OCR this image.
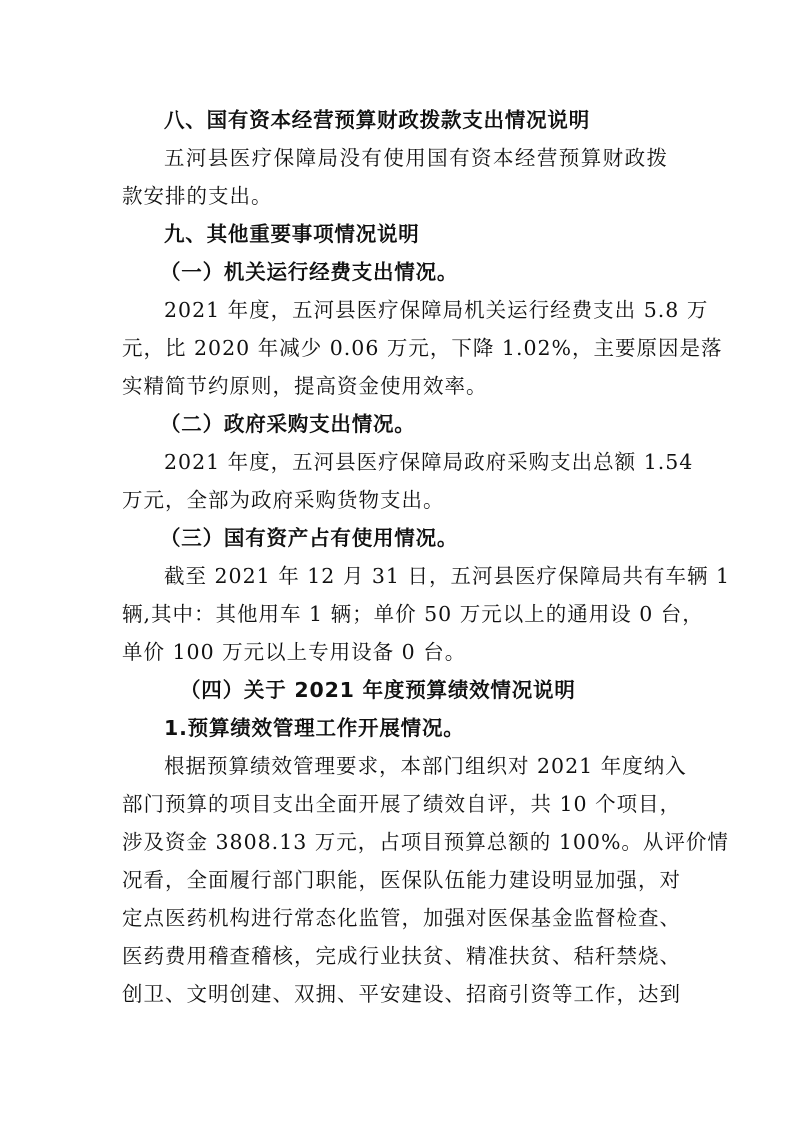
八、国有资本经营预算财政拨款支出情况说明
五河县医疗保障局没有使用国有资本经营预算财政拨
款安排的支出。
九、其他重要事项情况说明
（一）机关运行经费支出情况。
2021 年度，五河县医疗保障局机关运行经费支出 5.8 万
元，比 2020 年减少 0.06 万元，下降 1.02%，主要原因是落
实精简节约原则，提高资金使用效率。
（二）政府采购支出情况。
2021 年度，五河县医疗保障局政府采购支出总额 1.54
万元，全部为政府采购货物支出。
（三）国有资产占有使用情况。
截至 2021 年 12 月 31 日，五河县医疗保障局共有车辆 1
辆,其中：其他用车 1 辆；单价 50 万元以上的通用设 0 台，
单价 100 万元以上专用设备 0 台。
（四）关于 2021 年度预算绩效情况说明
1.预算绩效管理工作开展情况。
根据预算绩效管理要求，本部门组织对 2021 年度纳入
部门预算的项目支出全面开展了绩效自评，共 10 个项目，
涉及资金 3808.13 万元，占项目预算总额的 100%。从评价情
况看，全面履行部门职能，医保队伍能力建设明显加强，对
定点医药机构进行常态化监管，加强对医保基金监督检查、
医药费用稽查稽核，完成行业扶贫、精准扶贫、秸秆禁烧、
创卫、文明创建、双拥、平安建设、招商引资等工作，达到
